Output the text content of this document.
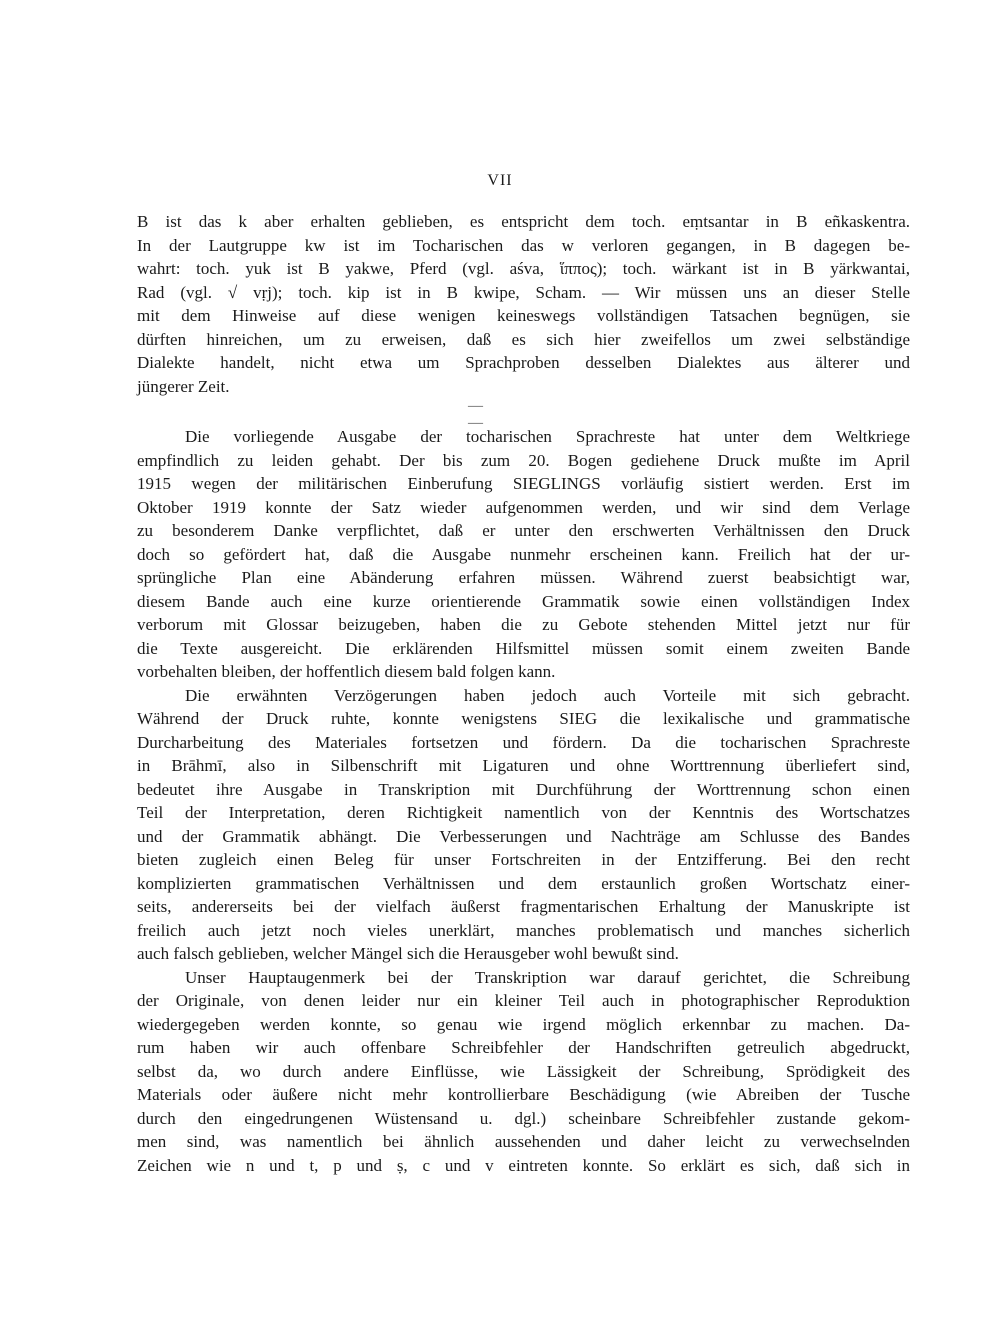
VII
B ist das k aber erhalten geblieben, es entspricht dem toch. eṃtsantar in B eñkaskentra.
In der Lautgruppe kw ist im Tocharischen das w verloren gegangen, in B dagegen be-
wahrt: toch. yuk ist B yakwe, Pferd (vgl. aśva, ἵππος); toch. wärkant ist in B yärkwantai,
Rad (vgl. √ vṛj); toch. kip ist in B kwipe, Scham. — Wir müssen uns an dieser Stelle
mit dem Hinweise auf diese wenigen keineswegs vollständigen Tatsachen begnügen, sie
dürften hinreichen, um zu erweisen, daß es sich hier zweifellos um zwei selbständige
Dialekte handelt, nicht etwa um Sprachproben desselben Dialektes aus älterer und
jüngerer Zeit.
— —
Die vorliegende Ausgabe der tocharischen Sprachreste hat unter dem Weltkriege
empfindlich zu leiden gehabt. Der bis zum 20. Bogen gediehene Druck mußte im April
1915 wegen der militärischen Einberufung SIEGLINGS vorläufig sistiert werden. Erst im
Oktober 1919 konnte der Satz wieder aufgenommen werden, und wir sind dem Verlage
zu besonderem Danke verpflichtet, daß er unter den erschwerten Verhältnissen den Druck
doch so gefördert hat, daß die Ausgabe nunmehr erscheinen kann. Freilich hat der ur-
sprüngliche Plan eine Abänderung erfahren müssen. Während zuerst beabsichtigt war,
diesem Bande auch eine kurze orientierende Grammatik sowie einen vollständigen Index
verborum mit Glossar beizugeben, haben die zu Gebote stehenden Mittel jetzt nur für
die Texte ausgereicht. Die erklärenden Hilfsmittel müssen somit einem zweiten Bande
vorbehalten bleiben, der hoffentlich diesem bald folgen kann.
Die erwähnten Verzögerungen haben jedoch auch Vorteile mit sich gebracht.
Während der Druck ruhte, konnte wenigstens SIEG die lexikalische und grammatische
Durcharbeitung des Materiales fortsetzen und fördern. Da die tocharischen Sprachreste
in Brāhmī, also in Silbenschrift mit Ligaturen und ohne Worttrennung überliefert sind,
bedeutet ihre Ausgabe in Transkription mit Durchführung der Worttrennung schon einen
Teil der Interpretation, deren Richtigkeit namentlich von der Kenntnis des Wortschatzes
und der Grammatik abhängt. Die Verbesserungen und Nachträge am Schlusse des Bandes
bieten zugleich einen Beleg für unser Fortschreiten in der Entzifferung. Bei den recht
komplizierten grammatischen Verhältnissen und dem erstaunlich großen Wortschatz einer-
seits, andererseits bei der vielfach äußerst fragmentarischen Erhaltung der Manuskripte ist
freilich auch jetzt noch vieles unerklärt, manches problematisch und manches sicherlich
auch falsch geblieben, welcher Mängel sich die Herausgeber wohl bewußt sind.
Unser Hauptaugenmerk bei der Transkription war darauf gerichtet, die Schreibung
der Originale, von denen leider nur ein kleiner Teil auch in photographischer Reproduktion
wiedergegeben werden konnte, so genau wie irgend möglich erkennbar zu machen. Da-
rum haben wir auch offenbare Schreibfehler der Handschriften getreulich abgedruckt,
selbst da, wo durch andere Einflüsse, wie Lässigkeit der Schreibung, Sprödigkeit des
Materials oder äußere nicht mehr kontrollierbare Beschädigung (wie Abreiben der Tusche
durch den eingedrungenen Wüstensand u. dgl.) scheinbare Schreibfehler zustande gekom-
men sind, was namentlich bei ähnlich aussehenden und daher leicht zu verwechselnden
Zeichen wie n und t, p und ṣ, c und v eintreten konnte. So erklärt es sich, daß sich in
